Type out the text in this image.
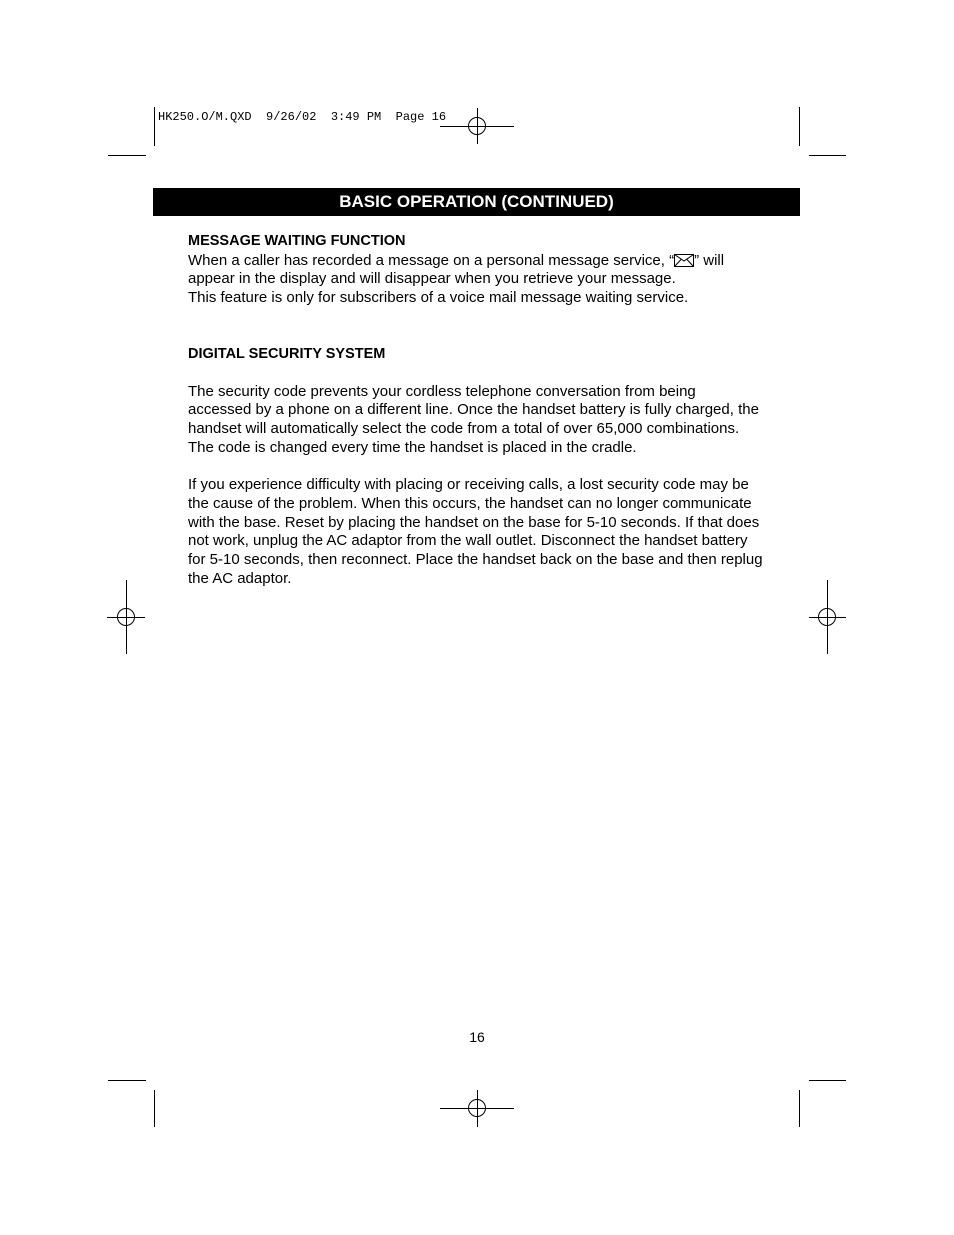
HK250.O/M.QXD  9/26/02  3:49 PM  Page 16
BASIC OPERATION (CONTINUED)

MESSAGE WAITING FUNCTION

When a caller has recorded a message on a personal message service, “ ” will
appear in the display and will disappear when you retrieve your message.
This feature is only for subscribers of a voice mail message waiting service.

DIGITAL SECURITY SYSTEM

The security code prevents your cordless telephone conversation from being accessed by a phone on a different line. Once the handset battery is fully charged, the handset will automatically select the code from a total of over 65,000 combinations. The code is changed every time the handset is placed in the cradle.

If you experience difficulty with placing or receiving calls, a lost security code may be the cause of the problem. When this occurs, the handset can no longer communicate with the base. Reset by placing the handset on the base for 5-10 seconds. If that does not work, unplug the AC adaptor from the wall outlet. Disconnect the handset battery for 5-10 seconds, then reconnect. Place the handset back on the base and then replug the AC adaptor.

16
